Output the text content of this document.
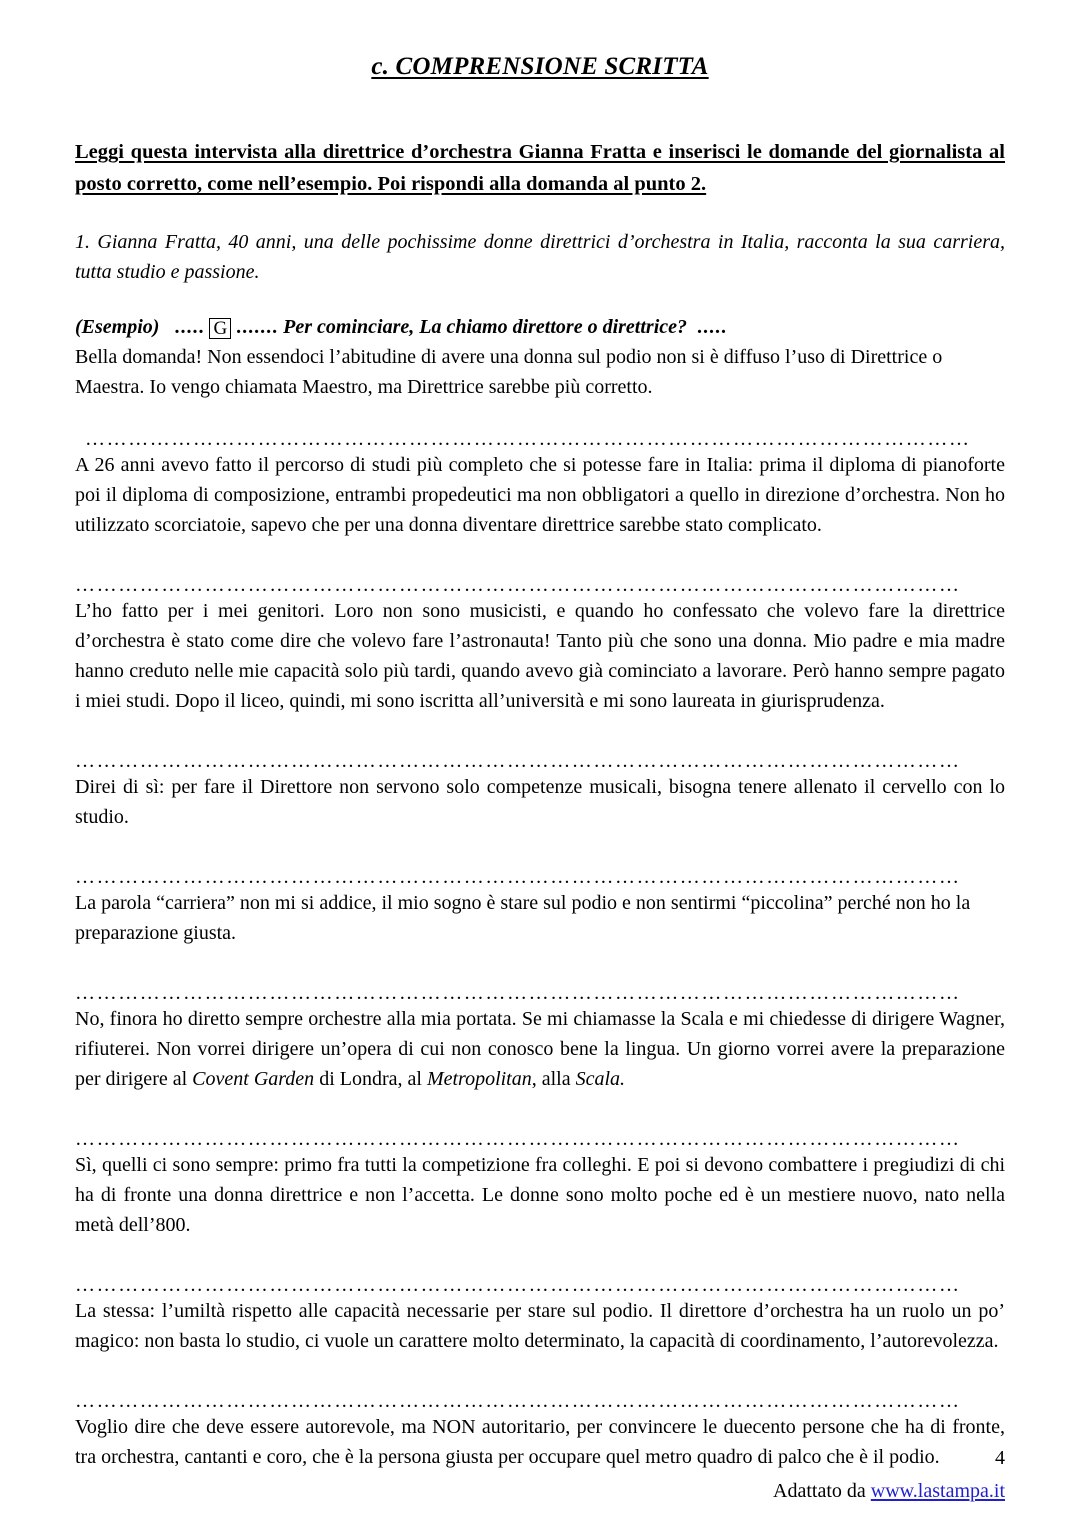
c. COMPRENSIONE SCRITTA
Leggi questa intervista alla direttrice d’orchestra Gianna Fratta e inserisci le domande del giornalista al posto corretto, come nell’esempio. Poi rispondi alla domanda al punto 2.
1. Gianna Fratta, 40 anni, una delle pochissime donne direttrici d’orchestra in Italia, racconta la sua carriera, tutta studio e passione.
(Esempio) ..... G ....... Per cominciare, La chiamo direttore o direttrice? .....
Bella domanda! Non essendoci l’abitudine di avere una donna sul podio non si è diffuso l’uso di Direttrice o Maestra. Io vengo chiamata Maestro, ma Direttrice sarebbe più corretto.
……………………………………………………………………………………………………………
A 26 anni avevo fatto il percorso di studi più completo che si potesse fare in Italia: prima il diploma di pianoforte poi il diploma di composizione, entrambi propedeutici ma non obbligatori a quello in direzione d’orchestra. Non ho utilizzato scorciatoie, sapevo che per una donna diventare direttrice sarebbe stato complicato.
……………………………………………………………………………………………………………
L’ho fatto per i mei genitori. Loro non sono musicisti, e quando ho confessato che volevo fare la direttrice d’orchestra è stato come dire che volevo fare l’astronauta! Tanto più che sono una donna. Mio padre e mia madre hanno creduto nelle mie capacità solo più tardi, quando avevo già cominciato a lavorare. Però hanno sempre pagato i miei studi. Dopo il liceo, quindi, mi sono iscritta all’università e mi sono laureata in giurisprudenza.
……………………………………………………………………………………………………………
Direi di sì: per fare il Direttore non servono solo competenze musicali, bisogna tenere allenato il cervello con lo studio.
……………………………………………………………………………………………………………
La parola “carriera” non mi si addice, il mio sogno è stare sul podio e non sentirmi “piccolina” perché non ho la preparazione giusta.
……………………………………………………………………………………………………………
No, finora ho diretto sempre orchestre alla mia portata. Se mi chiamasse la Scala e mi chiedesse di dirigere Wagner, rifiuterei. Non vorrei dirigere un’opera di cui non conosco bene la lingua. Un giorno vorrei avere la preparazione per dirigere al Covent Garden di Londra, al Metropolitan, alla Scala.
……………………………………………………………………………………………………………
Sì, quelli ci sono sempre: primo fra tutti la competizione fra colleghi. E poi si devono combattere i pregiudizi di chi ha di fronte una donna direttrice e non l’accetta. Le donne sono molto poche ed è un mestiere nuovo, nato nella metà dell’800.
……………………………………………………………………………………………………………
La stessa: l’umiltà rispetto alle capacità necessarie per stare sul podio. Il direttore d’orchestra ha un ruolo un po’ magico: non basta lo studio, ci vuole un carattere molto determinato, la capacità di coordinamento, l’autorevolezza.
……………………………………………………………………………………………………………
Voglio dire che deve essere autorevole, ma NON autoritario, per convincere le duecento persone che ha di fronte, tra orchestra, cantanti e coro, che è la persona giusta per occupare quel metro quadro di palco che è il podio.
Adattato da www.lastampa.it
4
